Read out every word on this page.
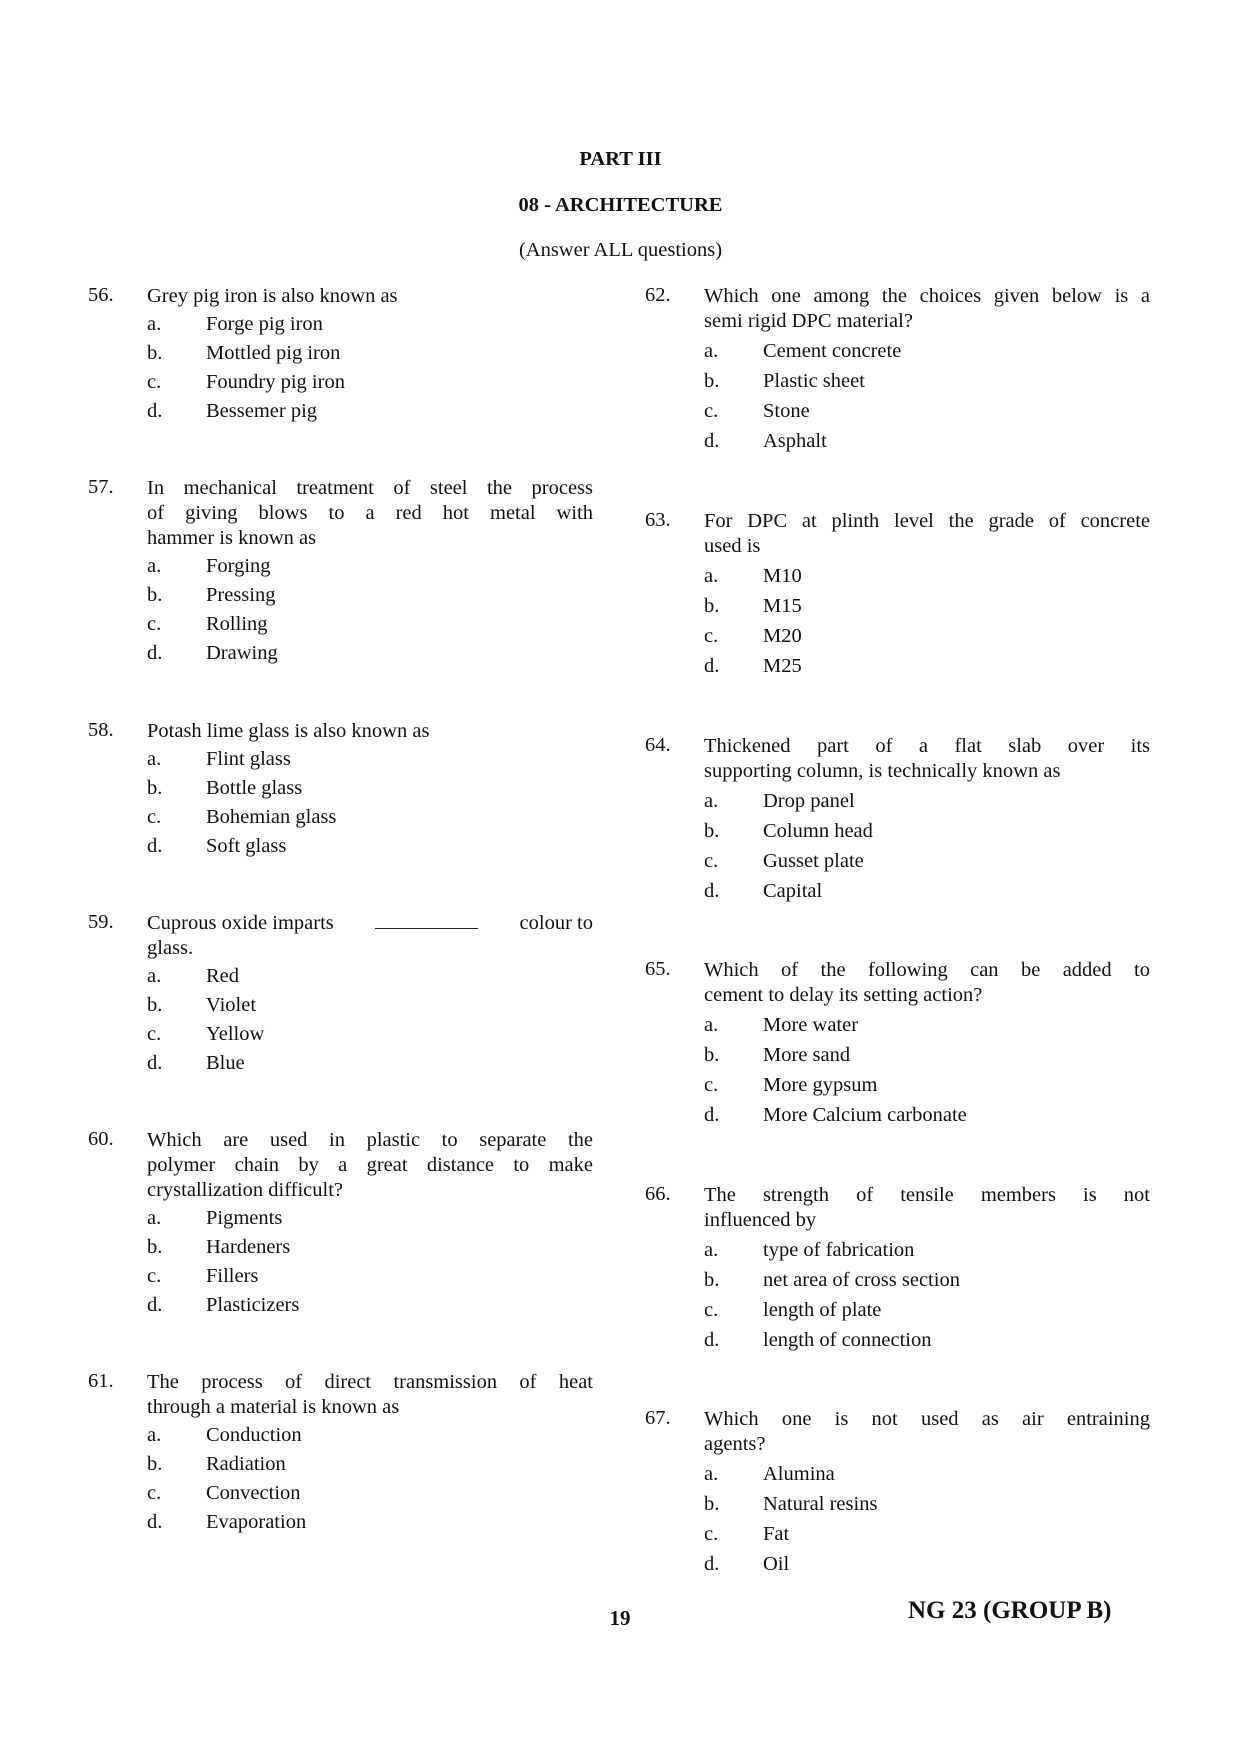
PART III
08 - ARCHITECTURE
(Answer ALL questions)
56. Grey pig iron is also known as
a. Forge pig iron
b. Mottled pig iron
c. Foundry pig iron
d. Bessemer pig
57. In mechanical treatment of steel the process
of giving blows to a red hot metal with
hammer is known as
a. Forging
b. Pressing
c. Rolling
d. Drawing
58. Potash lime glass is also known as
a. Flint glass
b. Bottle glass
c. Bohemian glass
d. Soft glass
59. Cuprous oxide imparts	colour to
glass.
a. Red
b. Violet
c. Yellow
d. Blue
60. Which are used in plastic to separate the
polymer chain by a great distance to make
crystallization difficult?
a. Pigments
b. Hardeners
c. Fillers
d. Plasticizers
61. The process of direct transmission of heat
through a material is known as
a. Conduction
b. Radiation
c. Convection
d. Evaporation
62. Which one among the choices given below is a
semi rigid DPC material?
a. Cement concrete
b. Plastic sheet
c. Stone
d. Asphalt
63. For DPC at plinth level the grade of concrete
used is
a. M10
b. M15
c. M20
d. M25
64. Thickened part of a flat slab over its
supporting column, is technically known as
a. Drop panel
b. Column head
c. Gusset plate
d. Capital
65. Which of the following can be added to
cement to delay its setting action?
a. More water
b. More sand
c. More gypsum
d. More Calcium carbonate
66. The strength of tensile members is not
influenced by
a. type of fabrication
b. net area of cross section
c. length of plate
d. length of connection
67. Which one is not used as air entraining
agents?
a. Alumina
b. Natural resins
c. Fat
d. Oil
19	NG 23 (GROUP B)
